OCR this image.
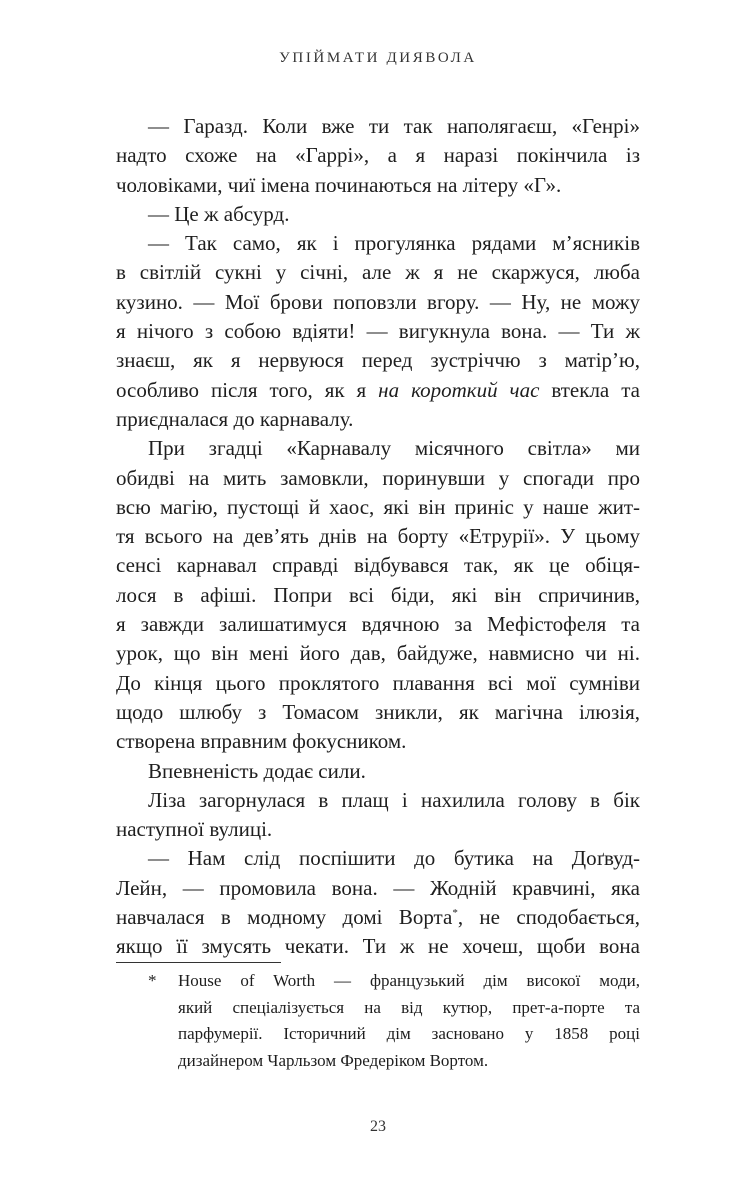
УПІЙМАТИ ДИЯВОЛА
— Гаразд. Коли вже ти так наполягаєш, «Генрі»
надто схоже на «Гаррі», а я наразі покінчила із
чоловіками, чиї імена починаються на літеру «Г».
— Це ж абсурд.
— Так само, як і прогулянка рядами м’ясників
в світлій сукні у січні, але ж я не скаржуся, люба
кузино. — Мої брови поповзли вгору. — Ну, не можу
я нічого з собою вдіяти! — вигукнула вона. — Ти ж
знаєш, як я нервуюся перед зустріччю з матір’ю,
особливо після того, як я на короткий час втекла та
приєдналася до карнавалу.
При згадці «Карнавалу місячного світла» ми
обидві на мить замовкли, поринувши у спогади про
всю магію, пустощі й хаос, які він приніс у наше жит-
тя всього на дев’ять днів на борту «Етрурії». У цьому
сенсі карнавал справді відбувався так, як це обіця-
лося в афіші. Попри всі біди, які він спричинив,
я завжди залишатимуся вдячною за Мефістофеля та
урок, що він мені його дав, байдуже, навмисно чи ні.
До кінця цього проклятого плавання всі мої сумніви
щодо шлюбу з Томасом зникли, як магічна ілюзія,
створена вправним фокусником.
Впевненість додає сили.
Ліза загорнулася в плащ і нахилила голову в бік
наступної вулиці.
— Нам слід поспішити до бутика на Доґвуд-
Лейн, — промовила вона. — Жодній кравчині, яка
навчалася в модному домі Ворта*, не сподобається,
якщо її змусять чекати. Ти ж не хочеш, щоби вона
* House of Worth — французький дім високої моди,
який спеціалізується на від кутюр, прет-а-порте та
парфумерії. Історичний дім засновано у 1858 році
дизайнером Чарльзом Фредеріком Вортом.
23
